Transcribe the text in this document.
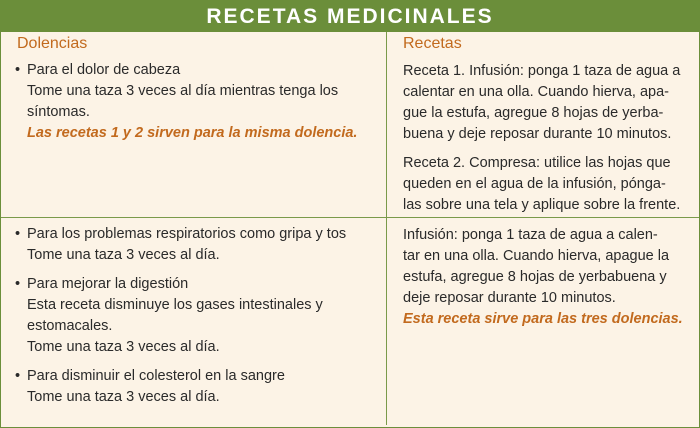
RECETAS MEDICINALES
Dolencias	Recetas
• Para el dolor de cabeza
Tome una taza 3 veces al día mientras tenga los
síntomas.
Las recetas 1 y 2 sirven para la misma dolencia.
Receta 1. Infusión: ponga 1 taza de agua a
calentar en una olla. Cuando hierva, apa-
gue la estufa, agregue 8 hojas de yerba-
buena y deje reposar durante 10 minutos.
Receta 2. Compresa: utilice las hojas que
queden en el agua de la infusión, pónga-
las sobre una tela y aplique sobre la frente.
• Para los problemas respiratorios como gripa y tos
Tome una taza 3 veces al día.
• Para mejorar la digestión
Esta receta disminuye los gases intestinales y
estomacales.
Tome una taza 3 veces al día.
• Para disminuir el colesterol en la sangre
Tome una taza 3 veces al día.
Infusión: ponga 1 taza de agua a calen-
tar en una olla. Cuando hierva, apague la
estufa, agregue 8 hojas de yerbabuena y
deje reposar durante 10 minutos.
Esta receta sirve para las tres dolencias.
